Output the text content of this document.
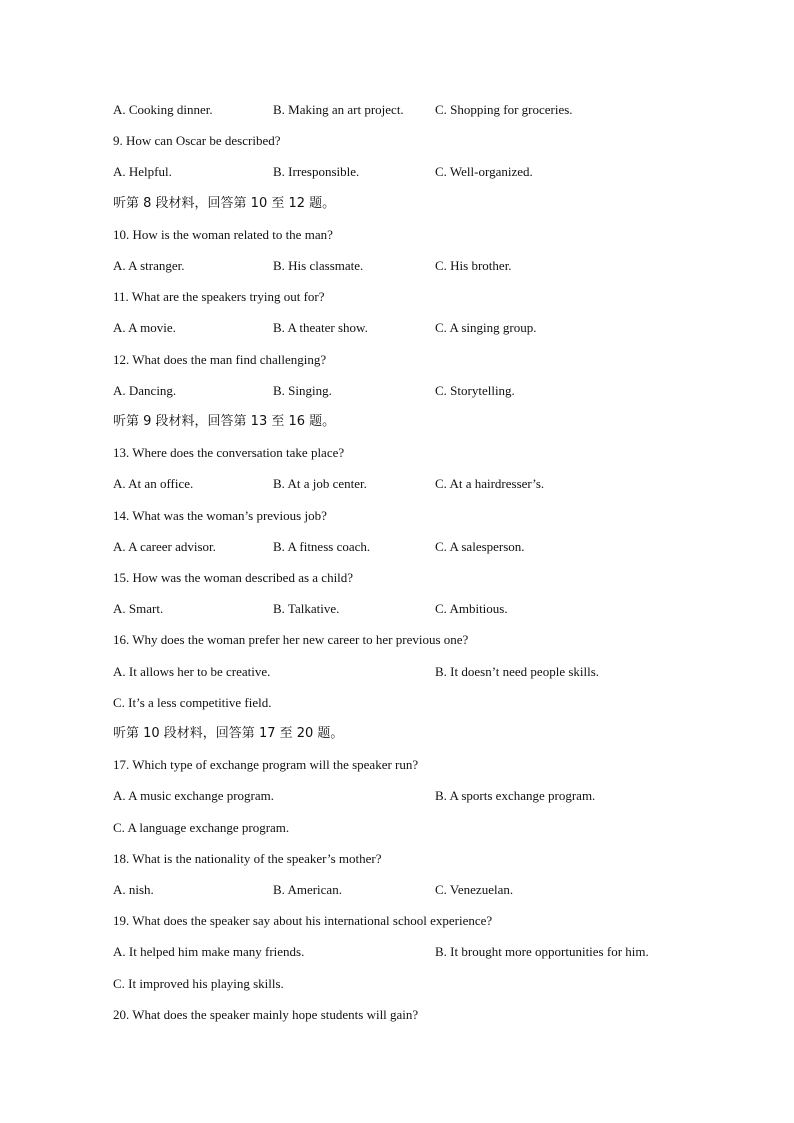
A. Cooking dinner.	B. Making an art project. C. Shopping for groceries.
9. How can Oscar be described?
A. Helpful.	B. Irresponsible.	C. Well-organized.
听第 8 段材料，回答第 10 至 12 题。
10. How is the woman related to the man?
A. A stranger.	B. His classmate.	C. His brother.
11. What are the speakers trying out for?
A. A movie.	B. A theater show.	C. A singing group.
12. What does the man find challenging?
A. Dancing.	B. Singing.	C. Storytelling.
听第 9 段材料，回答第 13 至 16 题。
13. Where does the conversation take place?
A. At an office.	B. At a job center.	C. At a hairdresser’s.
14. What was the woman’s previous job?
A. A career advisor.	B. A fitness coach.	C. A salesperson.
15. How was the woman described as a child?
A. Smart.	B. Talkative.	C. Ambitious.
16. Why does the woman prefer her new career to her previous one?
A. It allows her to be creative.	B. It doesn’t need people skills.
C. It’s a less competitive field.
听第 10 段材料，回答第 17 至 20 题。
17. Which type of exchange program will the speaker run?
A. A music exchange program.	B. A sports exchange program.
C. A language exchange program.
18. What is the nationality of the speaker’s mother?
A. nish.	B. American.	C. Venezuelan.
19. What does the speaker say about his international school experience?
A. It helped him make many friends.	B. It brought more opportunities for him.
C. It improved his playing skills.
20. What does the speaker mainly hope students will gain?
